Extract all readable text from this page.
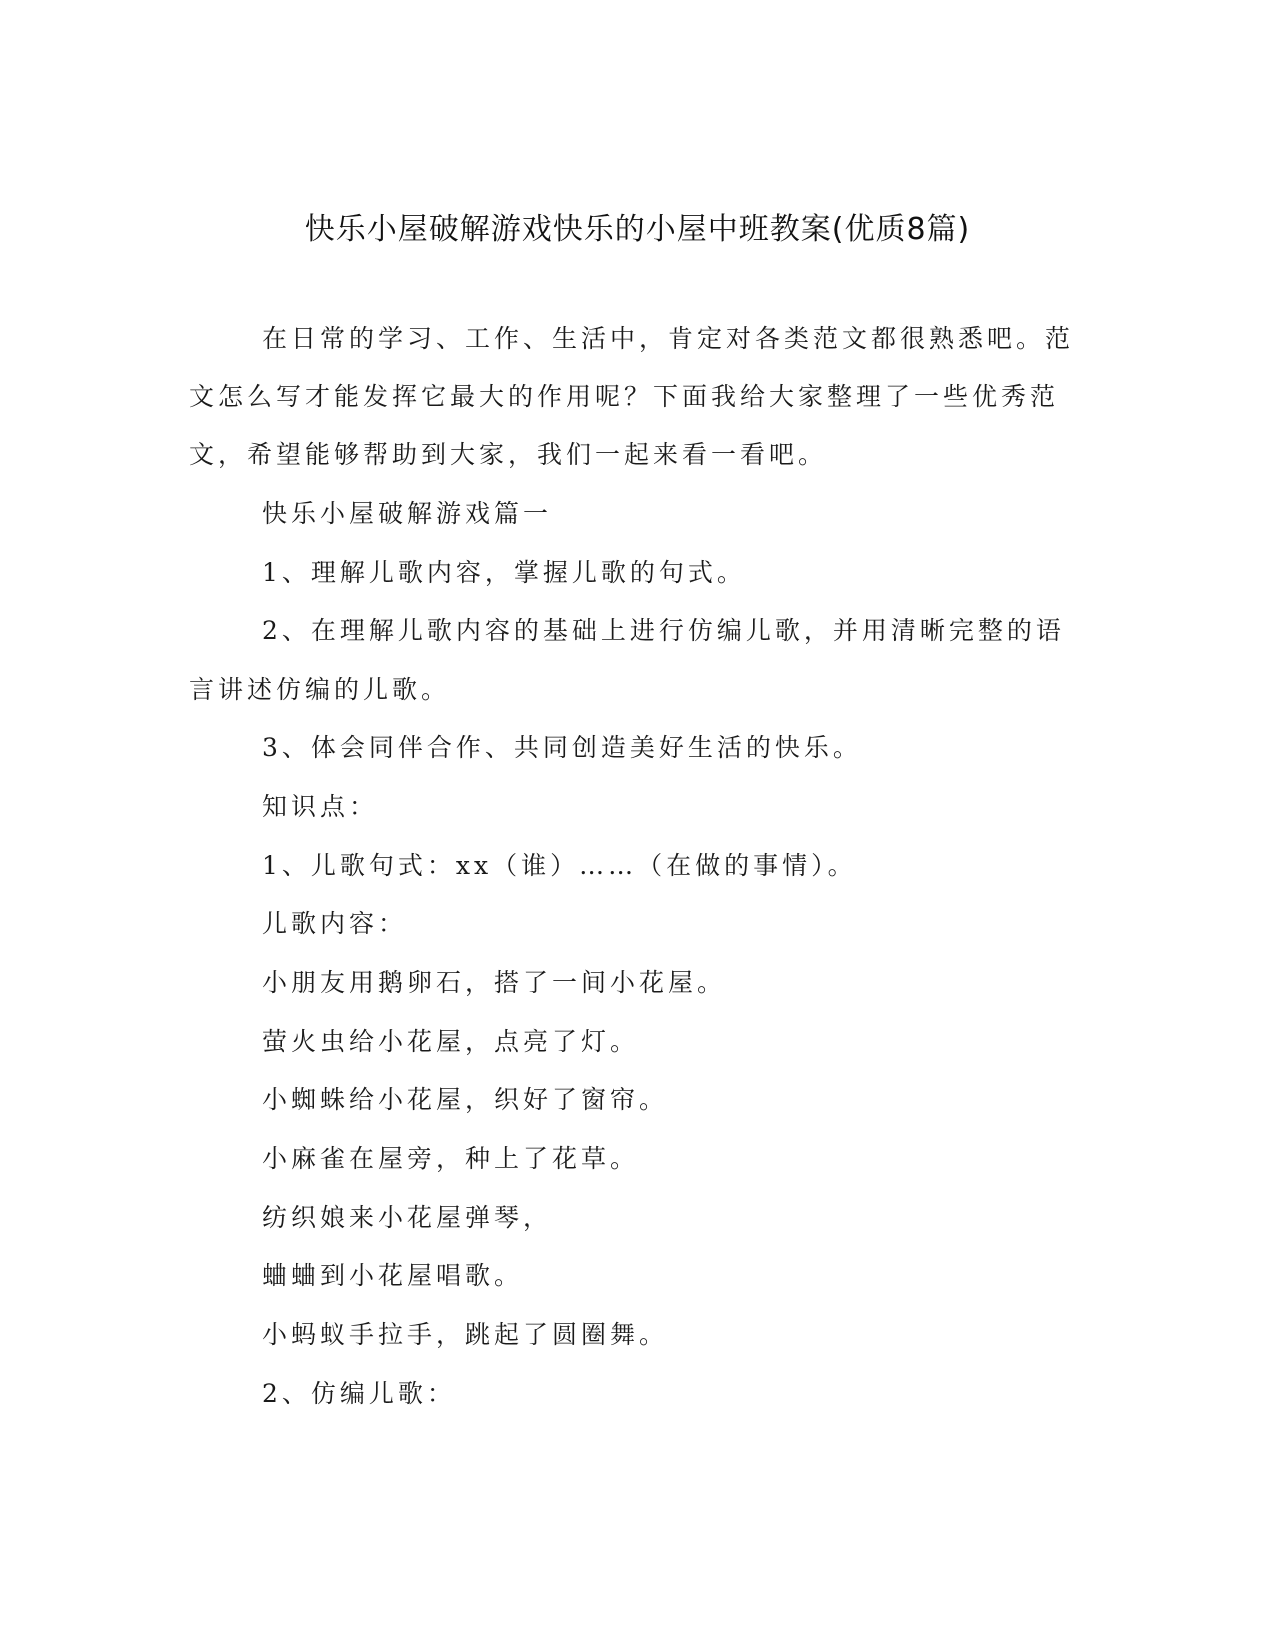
快乐小屋破解游戏快乐的小屋中班教案(优质8篇)
在日常的学习、工作、生活中，肯定对各类范文都很熟悉吧。范
文怎么写才能发挥它最大的作用呢？下面我给大家整理了一些优秀范
文，希望能够帮助到大家，我们一起来看一看吧。
快乐小屋破解游戏篇一
1、理解儿歌内容，掌握儿歌的句式。
2、在理解儿歌内容的基础上进行仿编儿歌，并用清晰完整的语
言讲述仿编的儿歌。
3、体会同伴合作、共同创造美好生活的快乐。
知识点：
1、儿歌句式：xx（谁）……（在做的事情）。
儿歌内容：
小朋友用鹅卵石，搭了一间小花屋。
萤火虫给小花屋，点亮了灯。
小蜘蛛给小花屋，织好了窗帘。
小麻雀在屋旁，种上了花草。
纺织娘来小花屋弹琴，
蛐蛐到小花屋唱歌。
小蚂蚁手拉手，跳起了圆圈舞。
2、仿编儿歌：
